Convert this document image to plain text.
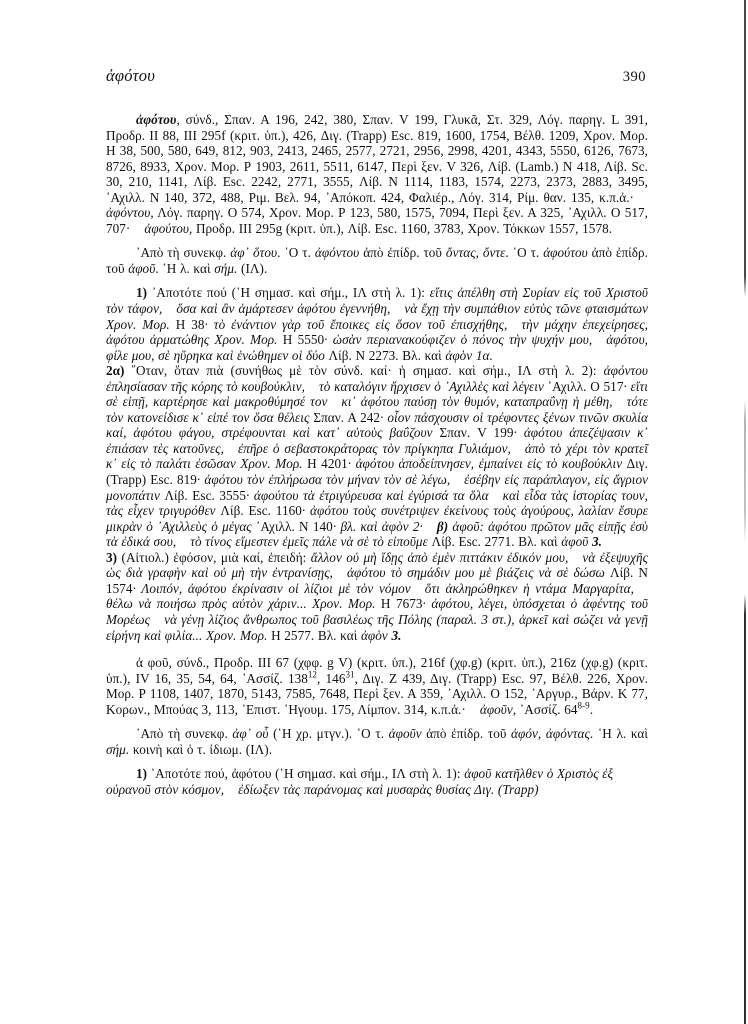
ἀφότου	390

ἀφότου, σύνδ., Σπαν. Α 196, 242, 380, Σπαν. V 199, Γλυκᾶ, Στ. 329, Λόγ. παρηγ. L 391, Προδρ. ΙΙ 88, ΙΙΙ 295f (κριτ. ὑπ.), 426, Διγ. (Trapp) Esc. 819, 1600, 1754, Βέλθ. 1209, Χρον. Μορ. Η 38, 500, 580, 649, 812, 903, 2413, 2465, 2577, 2721, 2956, 2998, 4201, 4343, 5550, 6126, 7673, 8726, 8933, Χρον. Μορ. Ρ 1903, 2611, 5511, 6147, Περὶ ξεν. V 326, Λίβ. (Lamb.) Ν 418, Λίβ. Sc. 30, 210, 1141, Λίβ. Esc. 2242, 2771, 3555, Λίβ. Ν 1114, 1183, 1574, 2273, 2373, 2883, 3495, ᾿Αχιλλ. Ν 140, 372, 488, Ριμ. Βελ. 94, ᾿Απόκοπ. 424, Φαλιέρ., Λόγ. 314, Ρίμ. θαν. 135, κ.π.ἀ.·ἀφόντου, Λόγ. παρηγ. Ο 574, Χρον. Μορ. Ρ 123, 580, 1575, 7094, Περὶ ξεν. Α 325, ᾿Αχιλλ. Ο 517, 707· ἀφούτου, Προδρ. ΙΙΙ 295g (κριτ. ὑπ.), Λίβ. Esc. 1160, 3783, Χρον. Τόκκων 1557, 1578.

᾿Απὸ τὴ συνεκφ. ἀφ᾿ ὅτου. ῾Ο τ. ἀφόντου ἀπὸ ἐπίδρ. τοῦ ὄντας, ὄντε. ῾Ο τ. ἀφούτου ἀπὸ ἐπίδρ. τοῦ ἀφοῦ. ῾Η λ. καὶ σήμ. (ΙΛ).

1) ᾿Αποτότε πού (῾Η σημασ. καὶ σήμ., ΙΛ στὴ λ. 1): εἴτις ἀπέλθη στὴ Συρίαν εἰς τοῦ Χριστοῦ τὸν τάφον, ὅσα καὶ ἂν ἁμάρτεσεν ἀφότου ἐγεννήθη, νὰ ἔχῃ τὴν συμπάθιον εὐτὺς τῶνε φταισμάτων Χρον. Μορ. Η 38· τὸ ἐνάντιον γὰρ τοῦ ἔποικες εἰς ὅσον τοῦ ἐπισχήθης, τὴν μάχην ἐπεχείρησες, ἀφότου ἀρματώθης Χρον. Μορ. Η 5550· ὡσὰν περιανακούφιζεν ὁ πόνος τὴν ψυχήν μου, ἀφότου, φίλε μου, σὲ ηὕρηκα καὶ ἑνώθημεν οἱ δύο Λίβ. Ν 2273. Βλ. καὶ ἀφὸν 1α.

2α) ῞Οταν, ὅταν πιὰ (συνήθως μὲ τὸν σύνδ. καί· ἡ σημασ. καὶ σήμ., ΙΛ στὴ λ. 2): ἀφόντου ἐπλησίασαν τῆς κόρης τὸ κουβούκλιν, τὸ καταλόγιν ἤρχισεν ὁ ᾿Αχιλλὲς καὶ λέγειν ᾿Αχιλλ. Ο 517· εἴτι σὲ εἰπῇ, καρτέρησε καὶ μακροθύμησέ τον κι᾿ ἀφότου παύσῃ τὸν θυμόν, καταπραΰνῃ ἡ μέθη, τότε τὸν κατονείδισε κ᾿ εἰπέ τον ὅσα θέλεις Σπαν. Α 242· οἷον πάσχουσιν οἱ τρέφοντες ξένων τινῶν σκυλία καί, ἀφότου φάγου, στρέφουνται καὶ κατ᾿ αὐτοὺς βαΰζουν Σπαν. V 199· ἀφότου ἀπεζέψασιν κ᾿ ἐπιάσαν τὲς κατοῦνες, ἐπῆρε ὁ σεβαστοκράτορας τὸν πρίγκηπα Γυλιάμον, ἀπὸ τὸ χέρι τὸν κρατεῖ κ᾿ εἰς τὸ παλάτι ἐσῶσαν Χρον. Μορ. Η 4201· ἀφότου ἀποδείπνησεν, ἐμπαίνει εἰς τὸ κουβούκλιν Διγ. (Trapp) Esc. 819· ἀφότου τὸν ἐπλήρωσα τὸν μήναν τὸν σὲ λέγω, ἐσέβην εἰς παράπλαγον, εἰς ἄγριον μονοπάτιν Λίβ. Esc. 3555· ἀφούτου τὰ ἐτριγύρευσα καὶ ἐγύρισά τα ὅλα καὶ εἶδα τὰς ἱστορίας τουν, τὰς εἶχεν τριγυρόθεν Λίβ. Esc. 1160· ἀφότου τοὺς συνέτριψεν ἐκείνους τοὺς ἀγούρους, λαλίαν ἔσυρε μικρὰν ὁ ᾿Αχιλλεὺς ὁ μέγας ᾿Αχιλλ. Ν 140· βλ. καὶ ἀφὸν 2· β) ἀφοῦ: ἀφότου πρῶτον μᾶς εἰπῇς ἐσὺ τὰ ἐδικά σου, τὸ τίνος εἴμεστεν ἐμεῖς πάλε νὰ σὲ τὸ εἰποῦμε Λίβ. Esc. 2771. Βλ. καὶ ἀφοῦ 3.

3) (Αἰτιολ.) ἐφόσον, μιὰ καί, ἐπειδή: ἄλλον οὐ μὴ ἴδῃς ἀπὸ ἐμὲν πιττάκιν ἐδικόν μου, νὰ ἐξεψυχῆς ὡς διὰ γραφὴν καὶ οὐ μὴ τὴν ἐντρανίσῃς, ἀφότου τὸ σημάδιν μου μὲ βιάζεις νὰ σὲ δώσω Λίβ. Ν 1574· Λοιπόν, ἀφότου ἐκρίνασιν οἱ λίζιοι μὲ τὸν νόμον ὅτι ἀκληρώθηκεν ἡ ντάμα Μαργαρίτα,θέλω νὰ ποιήσω πρὸς αὐτὸν χάριν... Χρον. Μορ. Η 7673· ἀφότου, λέγει, ὑπόσχεται ὁ ἀφέντης τοῦ Μορέως νὰ γένῃ λίζιος ἄνθρωπος τοῦ βασιλέως τῆς Πόλης (παραλ. 3 στ.), ἀρκεῖ καὶ σώζει νὰ γενῇ εἰρήνη καὶ φιλία... Χρον. Μορ. Η 2577. Βλ. καὶ ἀφὸν 3.

ἀ φοῦ, σύνδ., Προδρ. ΙΙΙ 67 (χφφ. g V) (κριτ. ὑπ.), 216f (χφ.g) (κριτ. ὑπ.), 216z (χφ.g) (κριτ. ὑπ.), IV 16, 35, 54, 64, ᾿Ασσίζ. $138^{12}$, $146^{31}$, Διγ. Ζ 439, Διγ. (Trapp) Esc. 97, Βέλθ. 226, Χρον. Μορ. Ρ 1108, 1407, 1870, 5143, 7585, 7648, Περὶ ξεν. Α 359, ᾿Αχιλλ. Ο 152, ᾿Αργυρ., Βάρν. Κ 77, Κορων., Μπούας 3, 113, ᾿Επιστ. ῾Ηγουμ. 175, Λίμπον. 314, κ.π.ἀ.· ἀφοῦν, ᾿Ασσίζ. 64$^{8-9}$.

᾿Απὸ τὴ συνεκφ. ἀφ᾿ οὗ (῾Η χρ. μτγν.). ῾Ο τ. ἀφοῦν ἀπὸ ἐπίδρ. τοῦ ἀφόν, ἀφόντας. ῾Η λ. καὶ σήμ. κοινὴ καὶ ὁ τ. ἰδιωμ. (ΙΛ).

1) ᾿Αποτότε πού, ἀφότου (῾Η σημασ. καὶ σήμ., ΙΛ στὴ λ. 1): ἀφοῦ κατῆλθεν ὁ Χριστὸς ἐξ οὐρανοῦ στὸν κόσμον, ἐδίωξεν τὰς παράνομας καὶ μυσαρὰς θυσίας Διγ. (Trapp)
